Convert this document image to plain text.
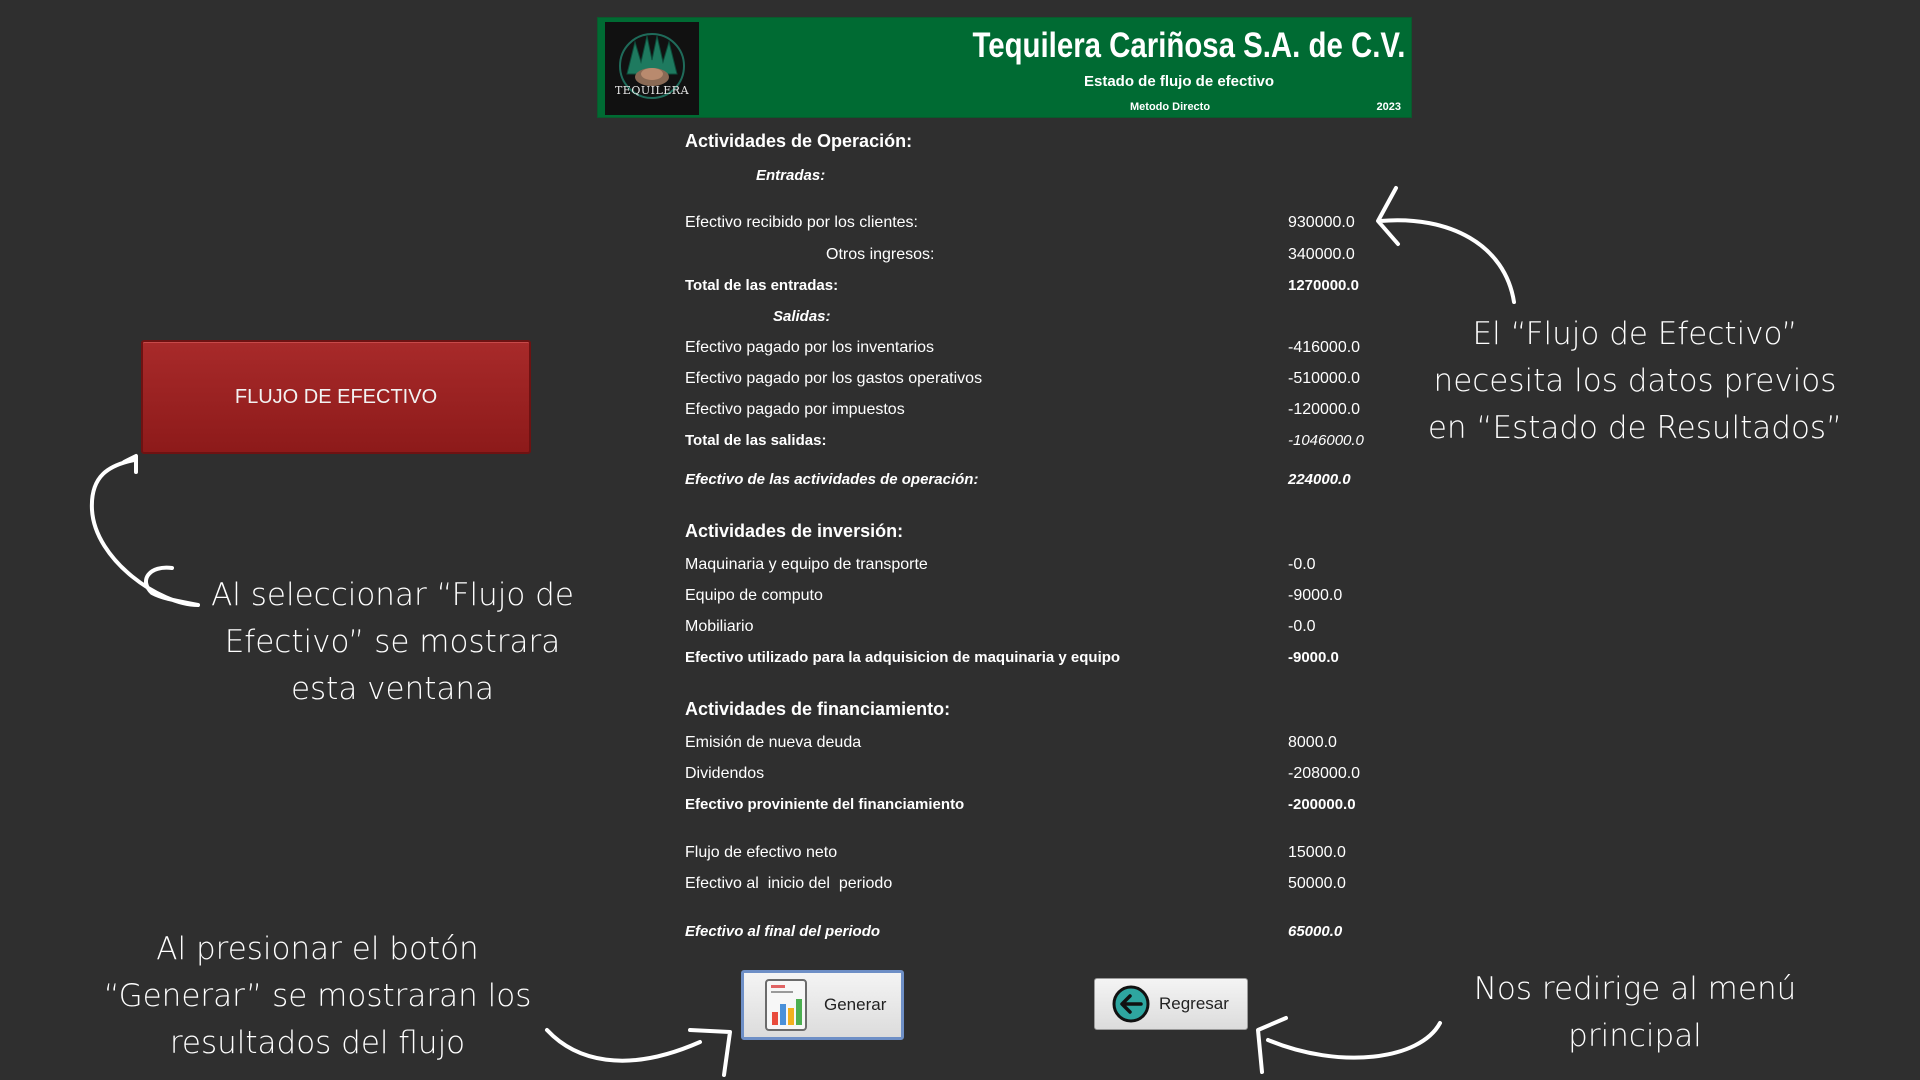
TEQUILERA
Tequilera Cariñosa S.A. de C.V.
Estado de flujo de efectivo
Metodo Directo	2023
Actividades de Operación:
Entradas:
Efectivo recibido por los clientes:	930000.0
Otros ingresos:	340000.0
Total de las entradas:	1270000.0
Salidas:
Efectivo pagado por los inventarios	-416000.0
Efectivo pagado por los gastos operativos	-510000.0
Efectivo pagado por impuestos	-120000.0
Total de las salidas:	-1046000.0
Efectivo de las actividades de operación:	224000.0
Actividades de inversión:
Maquinaria y equipo de transporte	-0.0
Equipo de computo	-9000.0
Mobiliario	-0.0
Efectivo utilizado para la adquisicion de maquinaria y equipo	-9000.0
Actividades de financiamiento:
Emisión de nueva deuda	8000.0
Dividendos	-208000.0
Efectivo proviniente del financiamiento	-200000.0
Flujo de efectivo neto	15000.0
Efectivo al  inicio del  periodo	50000.0
Efectivo al final del periodo	65000.0
FLUJO DE EFECTIVO
Generar	Regresar
El “Flujo de Efectivo”
necesita los datos previos
en “Estado de Resultados”
Al seleccionar “Flujo de
Efectivo” se mostrara
esta ventana
Al presionar el botón
“Generar” se mostraran los
resultados del flujo
Nos redirige al menú
principal
